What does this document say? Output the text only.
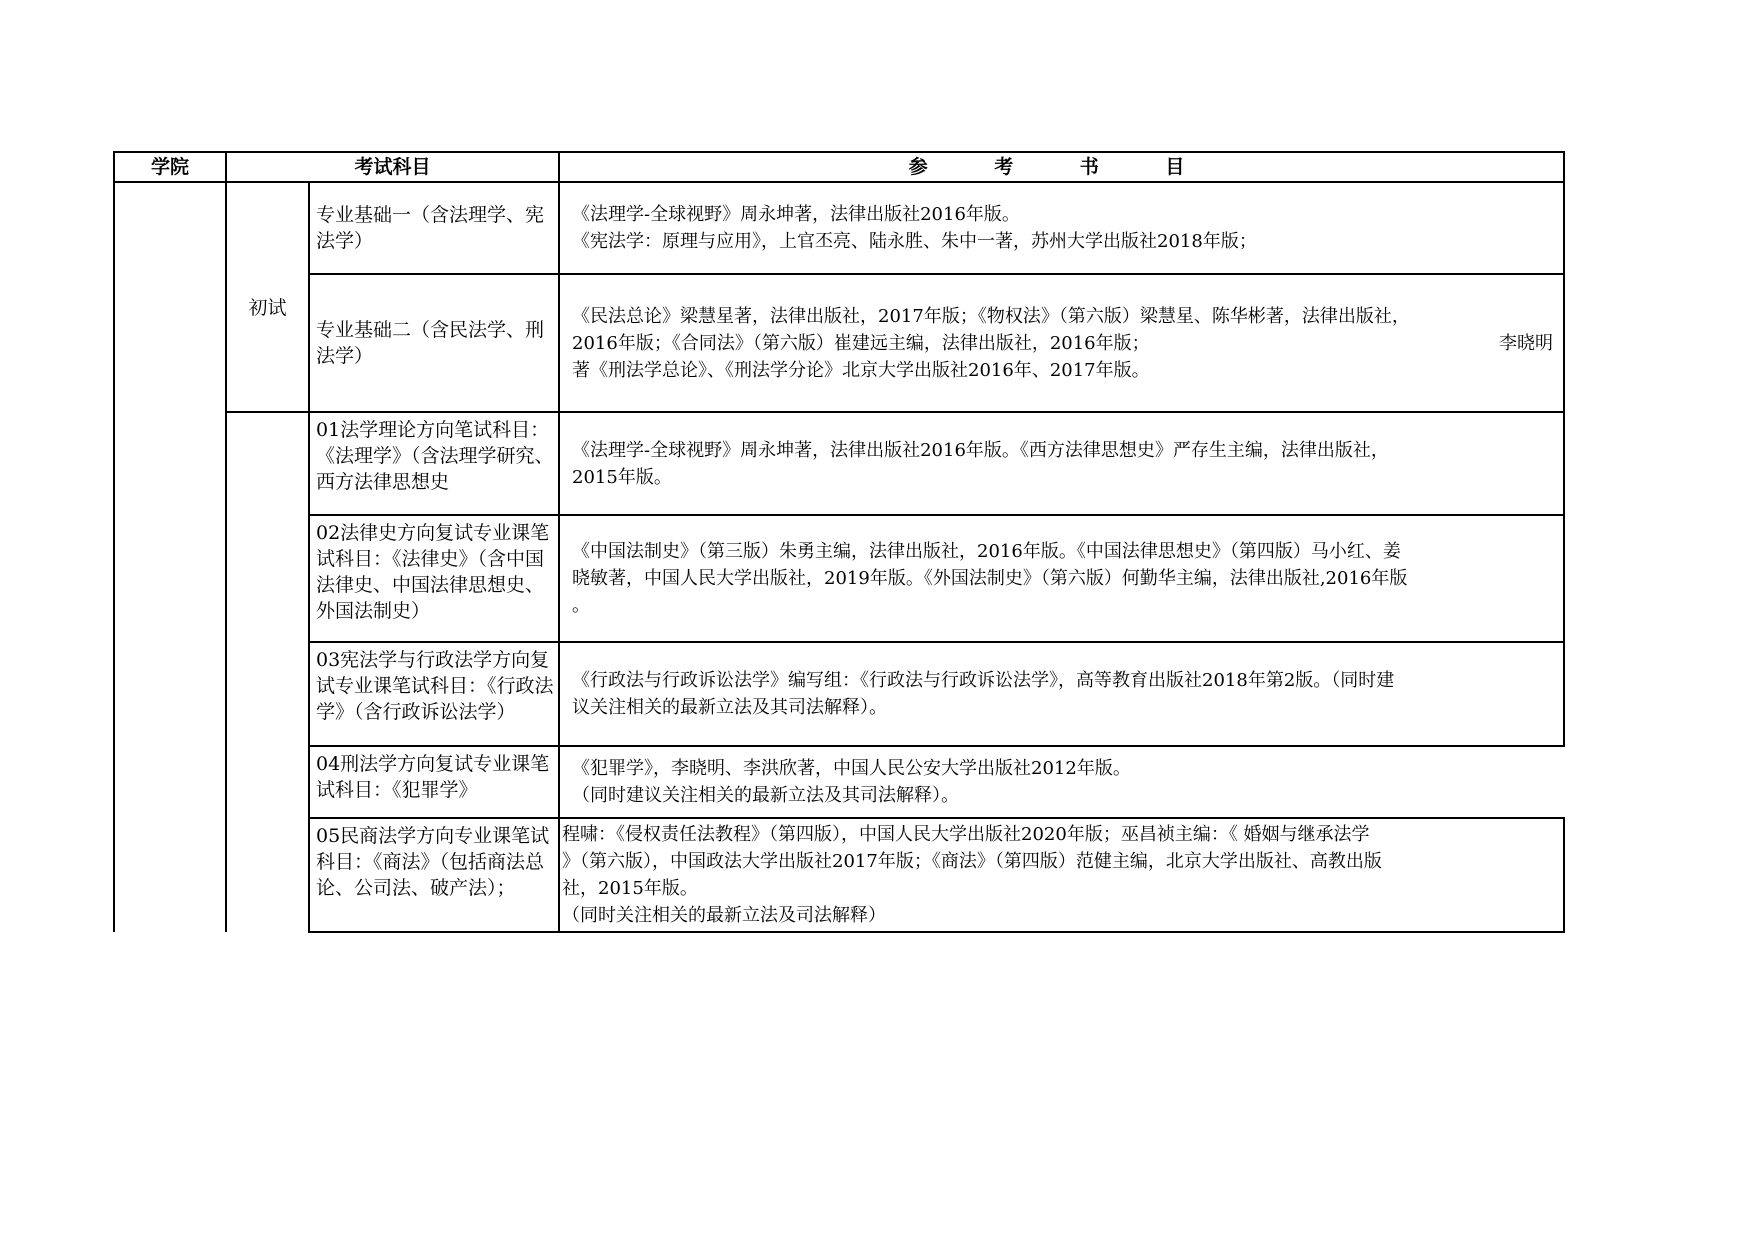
学院	考试科目		参 考 书 目

	初试	专业基础一（含法理学、宪法学）	《法理学-全球视野》周永坤著，法律出版社2016年版。
《宪法学：原理与应用》，上官丕亮、陆永胜、朱中一著，苏州大学出版社2018年版；

		专业基础二（含民法学、刑法学）	《民法总论》梁慧星著，法律出版社，2017年版；《物权法》（第六版）梁慧星、陈华彬著，法律出版社，
2016年版；《合同法》（第六版）崔建远主编，法律出版社，2016年版； 李晓明
著《刑法学总论》、《刑法学分论》北京大学出版社2016年、2017年版。

		01法学理论方向笔试科目：《法理学》（含法理学研究、西方法律思想史	《法理学-全球视野》周永坤著，法律出版社2016年版。《西方法律思想史》严存生主编，法律出版社，
2015年版。

		02法律史方向复试专业课笔试科目：《法律史》（含中国法律史、中国法律思想史、外国法制史）	《中国法制史》（第三版）朱勇主编，法律出版社，2016年版。《中国法律思想史》（第四版）马小红、姜
晓敏著，中国人民大学出版社，2019年版。《外国法制史》（第六版）何勤华主编，法律出版社,2016年版
。

		03宪法学与行政法学方向复试专业课笔试科目：《行政法学》（含行政诉讼法学）	《行政法与行政诉讼法学》编写组：《行政法与行政诉讼法学》，高等教育出版社2018年第2版。（同时建
议关注相关的最新立法及其司法解释）。

		04刑法学方向复试专业课笔试科目：《犯罪学》	《犯罪学》，李晓明、李洪欣著，中国人民公安大学出版社2012年版。
（同时建议关注相关的最新立法及其司法解释）。

		05民商法学方向专业课笔试科目：《商法》（包括商法总论、公司法、破产法）；	程啸：《侵权责任法教程》（第四版），中国人民大学出版社2020年版；巫昌祯主编：《 婚姻与继承法学
》（第六版），中国政法大学出版社2017年版；《商法》（第四版）范健主编，北京大学出版社、高教出版
社，2015年版。
（同时关注相关的最新立法及司法解释）
